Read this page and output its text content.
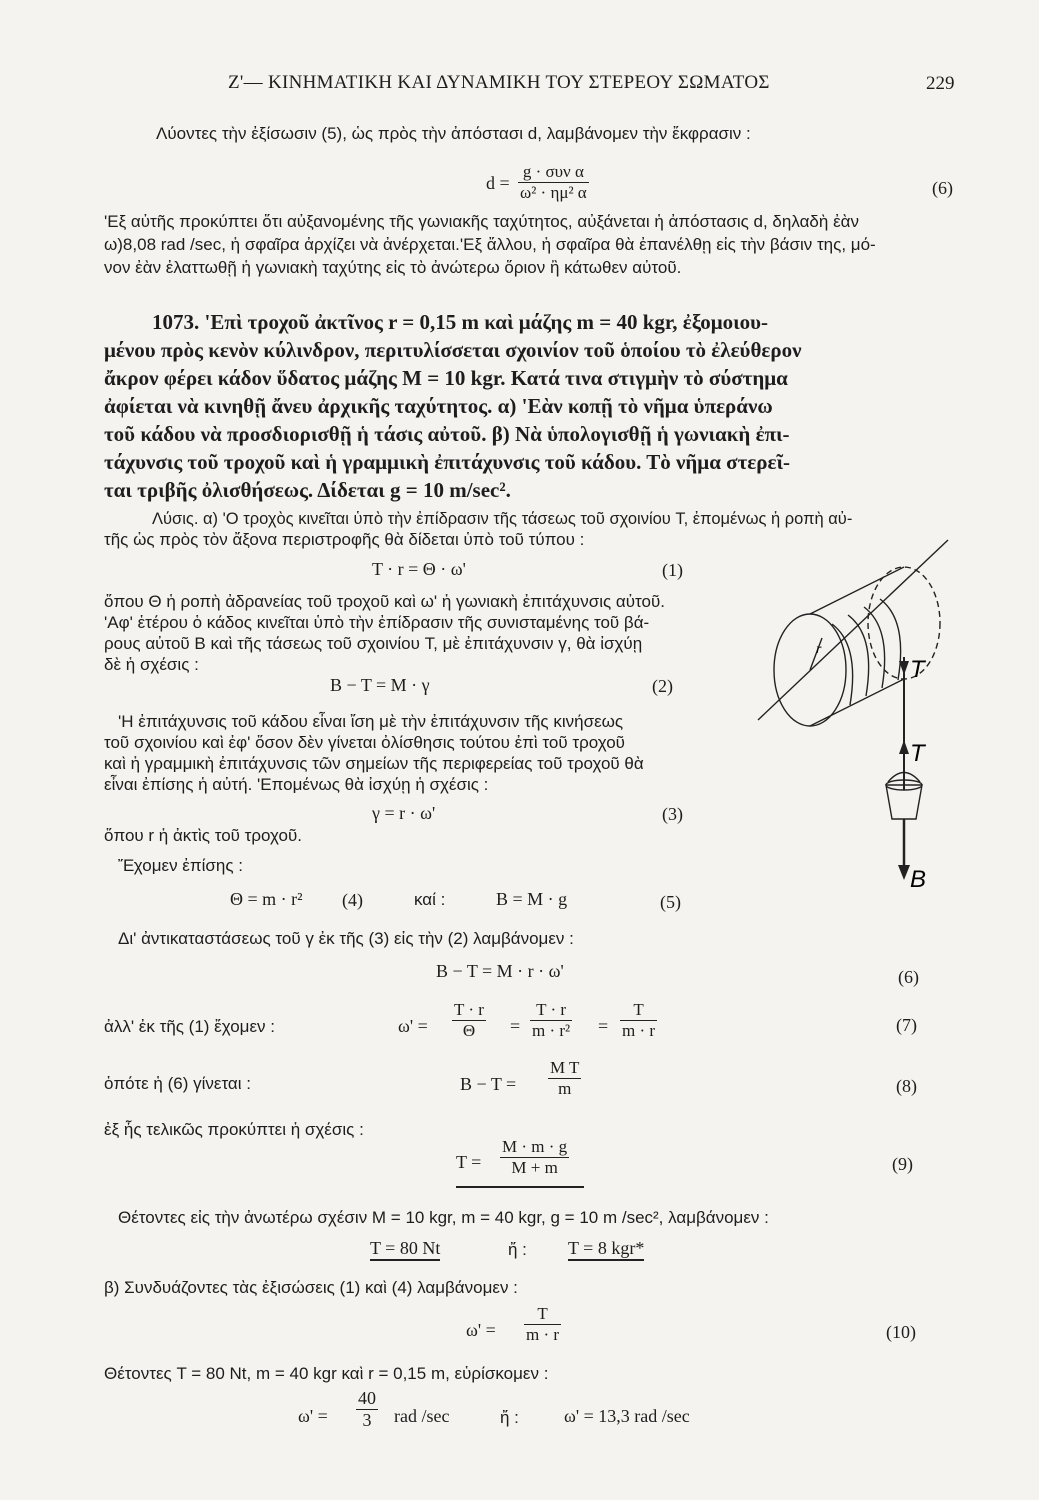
Ζ'— ΚΙΝΗΜΑΤΙΚΗ ΚΑΙ ΔΥΝΑΜΙΚΗ ΤΟΥ ΣΤΕΡΕΟΥ ΣΩΜΑΤΟΣ	229
Λύοντες τὴν ἐξίσωσιν (5), ὡς πρὸς τὴν ἀπόστασι d, λαμβάνομεν τὴν ἔκφρασιν :
d =
g · συν α
ω² · ημ² α	(6)
'Εξ αὐτῆς προκύπτει ὅτι αὐξανομένης τῆς γωνιακῆς ταχύτητος, αὐξάνεται ἡ ἀπόστασις d, δηλαδὴ ἐὰν
ω)8,08 rad /sec, ἡ σφαῖρα ἀρχίζει νὰ ἀνέρχεται.'Εξ ἄλλου, ἡ σφαῖρα θὰ ἐπανέλθῃ εἰς τὴν βάσιν της, μό-
νον ἐὰν ἐλαττωθῇ ἡ γωνιακὴ ταχύτης εἰς τὸ ἀνώτερω ὅριον ἢ κάτωθεν αὐτοῦ.
1073. 'Επὶ τροχοῦ ἀκτῖνος r = 0,15 m καὶ μάζης m = 40 kgr, ἐξομοιου-
μένου πρὸς κενὸν κύλινδρον, περιτυλίσσεται σχοινίον τοῦ ὁποίου τὸ ἐλεύθερον
ἄκρον φέρει κάδον ὕδατος μάζης M = 10 kgr. Κατά τινα στιγμὴν τὸ σύστημα
ἀφίεται νὰ κινηθῇ ἄνευ ἀρχικῆς ταχύτητος. α) 'Εὰν κοπῇ τὸ νῆμα ὑπεράνω
τοῦ κάδου νὰ προσδιορισθῇ ἡ τάσις αὐτοῦ. β) Νὰ ὑπολογισθῇ ἡ γωνιακὴ ἐπι-
τάχυνσις τοῦ τροχοῦ καὶ ἡ γραμμικὴ ἐπιτάχυνσις τοῦ κάδου. Τὸ νῆμα στερεῖ-
ται τριβῆς ὀλισθήσεως. Δίδεται g = 10 m/sec².
Λύσις. α) 'Ο τροχὸς κινεῖται ὑπὸ τὴν ἐπίδρασιν τῆς τάσεως τοῦ σχοινίου T, ἐπομένως ἡ ροπὴ αὐ-
τῆς ὡς πρὸς τὸν ἄξονα περιστροφῆς θὰ δίδεται ὑπὸ τοῦ τύπου :
T · r = Θ · ω'	(1)
ὅπου Θ ἡ ροπὴ ἀδρανείας τοῦ τροχοῦ καὶ ω' ἡ γωνιακὴ ἐπιτάχυνσις αὐτοῦ.
'Αφ' ἑτέρου ὁ κάδος κινεῖται ὑπὸ τὴν ἐπίδρασιν τῆς συνισταμένης τοῦ βά-
ρους αὐτοῦ B καὶ τῆς τάσεως τοῦ σχοινίου T, μὲ ἐπιτάχυνσιν γ, θὰ ἰσχύῃ
δὲ ἡ σχέσις :
B − T = M · γ	(2)
'Η ἐπιτάχυνσις τοῦ κάδου εἶναι ἴση μὲ τὴν ἐπιτάχυνσιν τῆς κινήσεως
τοῦ σχοινίου καὶ ἐφ' ὅσον δὲν γίνεται ὀλίσθησις τούτου ἐπὶ τοῦ τροχοῦ
καὶ ἡ γραμμικὴ ἐπιτάχυνσις τῶν σημείων τῆς περιφερείας τοῦ τροχοῦ θὰ
εἶναι ἐπίσης ἡ αὐτή. 'Επομένως θὰ ἰσχύῃ ἡ σχέσις :
γ = r · ω'	(3)
ὅπου r ἡ ἀκτὶς τοῦ τροχοῦ.
Ἔχομεν ἐπίσης :
Θ = m · r² (4)	καί :	B = M · g	(5)
Δι' ἀντικαταστάσεως τοῦ γ ἐκ τῆς (3) εἰς τὴν (2) λαμβάνομεν :
B − T = M · r · ω'	(6)
ἀλλ' ἐκ τῆς (1) ἔχομεν :	$\omega' = \frac{T \cdot r}{\Theta} = \frac{T \cdot r}{\text{m · r²}} = \frac{T}{m \cdot r}$	(7)
ὁπότε ἡ (6) γίνεται :	$B - T = \frac{\text{M T}}{m}$	(8)
ἐξ ἧς τελικῶς προκύπτει ἡ σχέσις :
$T = \frac{M \cdot m \cdot g}{M + m}$	(9)
Θέτοντες εἰς τὴν ἀνωτέρω σχέσιν M = 10 kgr, m = 40 kgr, g = 10 m /sec², λαμβάνομεν :
T = 80 Nt	ἤ : T = 8 kgr*
β) Συνδυάζοντες τὰς ἐξισώσεις (1) καὶ (4) λαμβάνομεν :
$\omega' = \frac{T}{m \cdot r}$	(10)
Θέτοντες T = 80 Nt, m = 40 kgr καὶ r = 0,15 m, εὑρίσκομεν :
$\omega' = \frac{40}{3}$ rad /sec	ἤ :	ω' = 13,3 rad /sec
r
T
T
B
